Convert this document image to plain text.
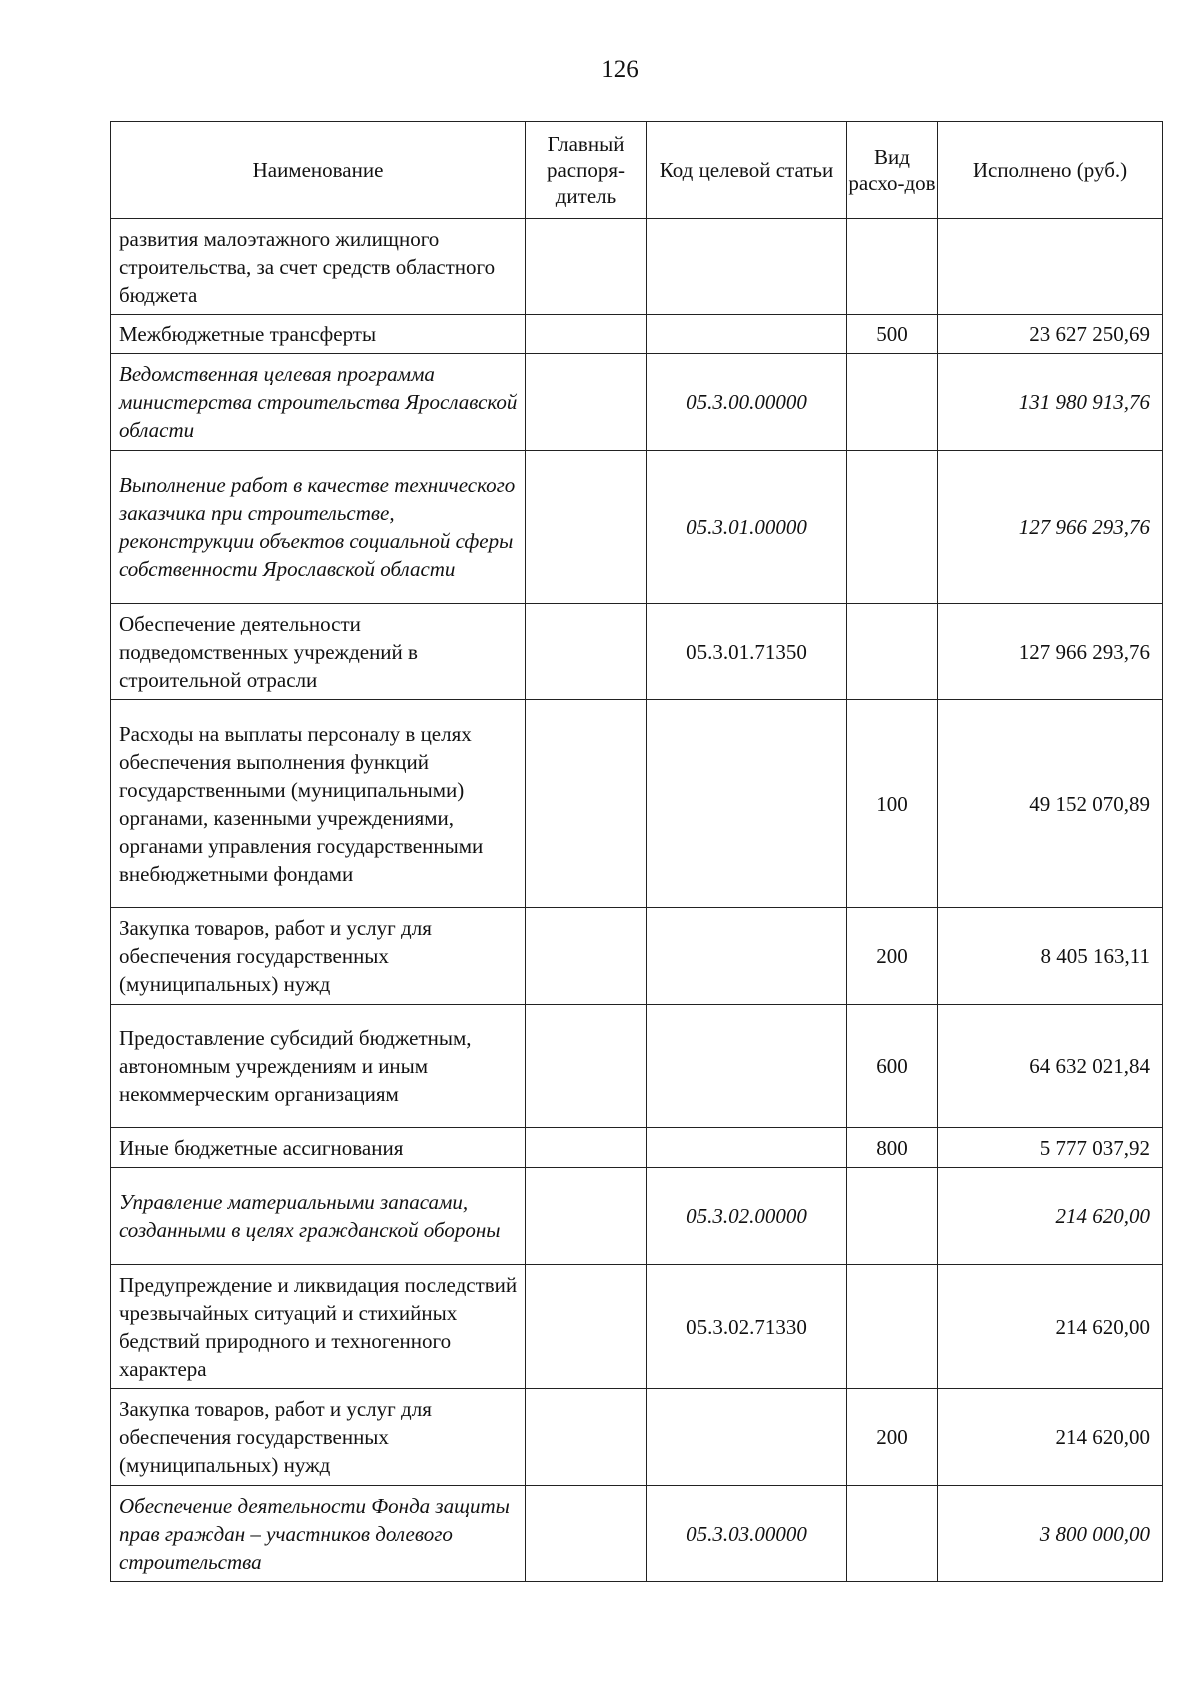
126
Наименование	Главный распоря-дитель	Код целевой статьи	Вид расхо-дов	Исполнено (руб.)
развития малоэтажного жилищного строительства, за счет средств областного бюджета				
Межбюджетные трансферты			500	23 627 250,69
Ведомственная целевая программа министерства строительства Ярославской области		05.3.00.00000		131 980 913,76
Выполнение работ в качестве технического заказчика при строительстве, реконструкции объектов социальной сферы собственности Ярославской области		05.3.01.00000		127 966 293,76
Обеспечение деятельности подведомственных учреждений в строительной отрасли		05.3.01.71350		127 966 293,76
Расходы на выплаты персоналу в целях обеспечения выполнения функций государственными (муниципальными) органами, казенными учреждениями, органами управления государственными внебюджетными фондами			100	49 152 070,89
Закупка товаров, работ и услуг для обеспечения государственных (муниципальных) нужд			200	8 405 163,11
Предоставление субсидий бюджетным, автономным учреждениям и иным некоммерческим организациям			600	64 632 021,84
Иные бюджетные ассигнования			800	5 777 037,92
Управление материальными запасами, созданными в целях гражданской обороны		05.3.02.00000		214 620,00
Предупреждение и ликвидация последствий чрезвычайных ситуаций и стихийных бедствий природного и техногенного характера		05.3.02.71330		214 620,00
Закупка товаров, работ и услуг для обеспечения государственных (муниципальных) нужд			200	214 620,00
Обеспечение деятельности Фонда защиты прав граждан – участников долевого строительства		05.3.03.00000		3 800 000,00
